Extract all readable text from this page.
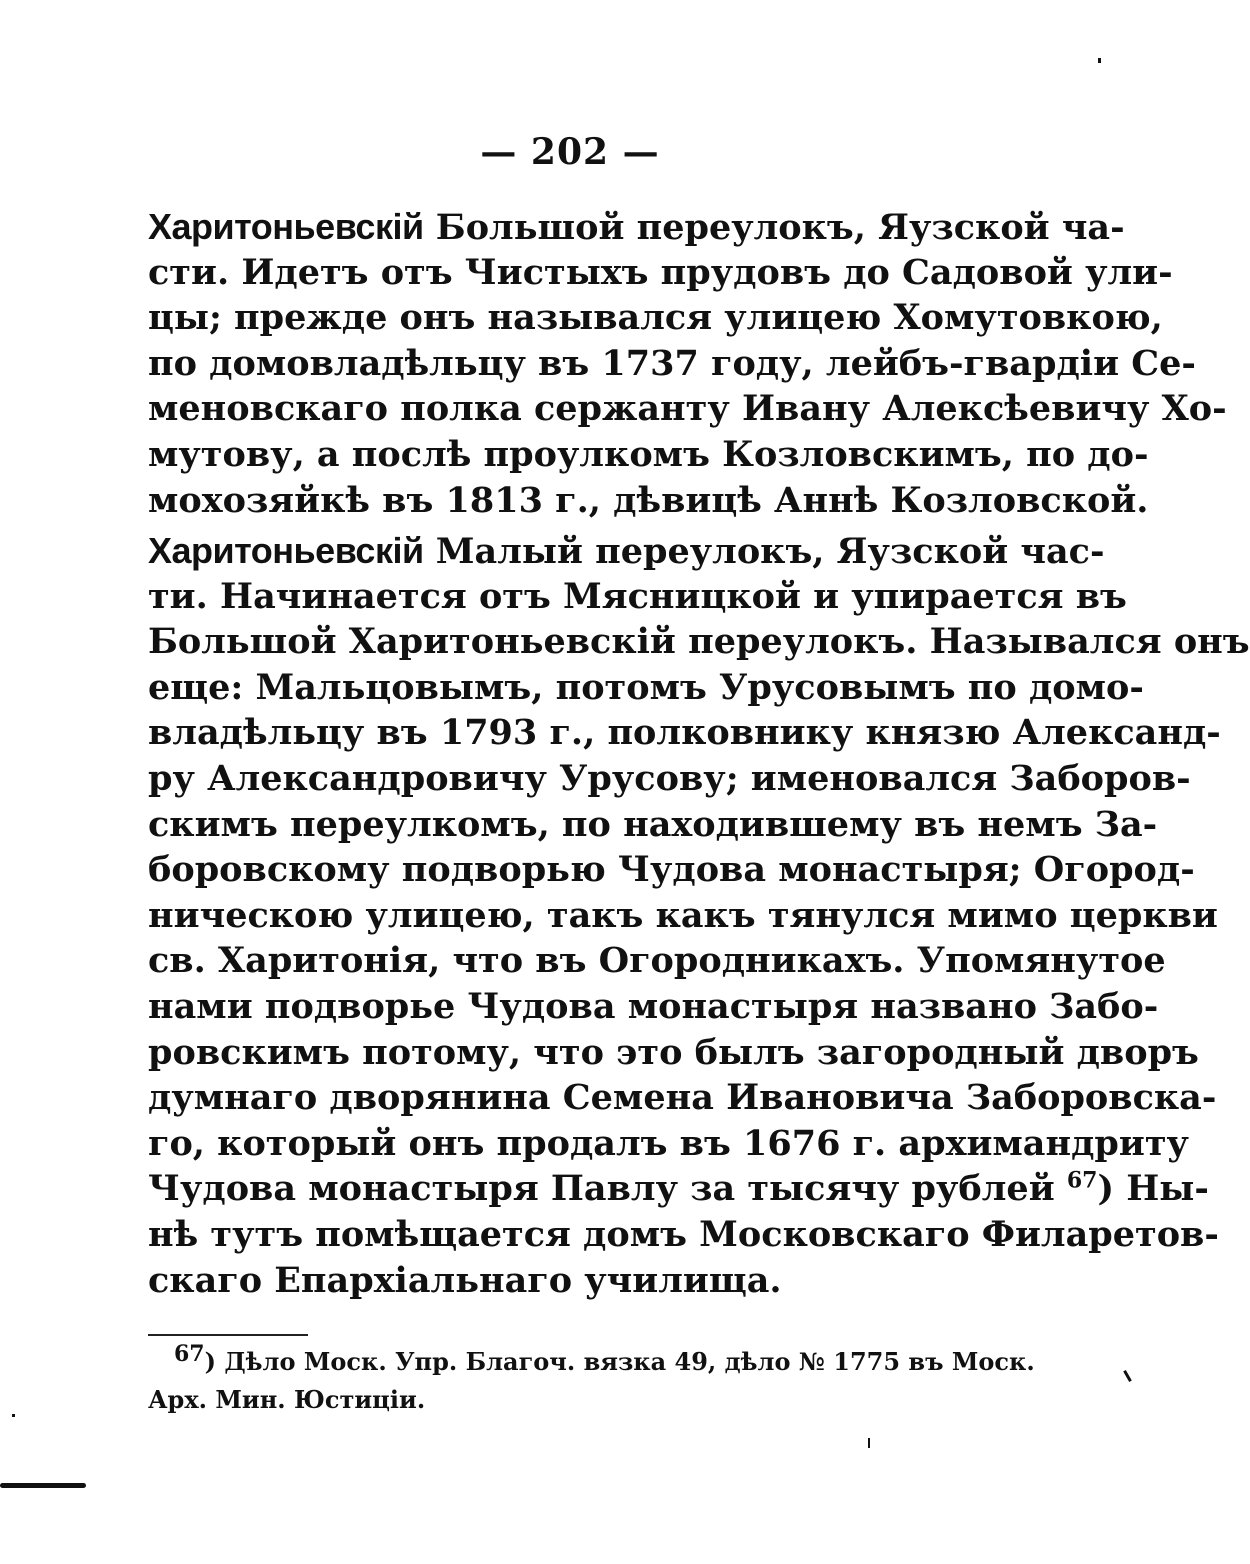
— 202 —
Харитоньевскій Большой переулокъ, Яузской ча-
сти. Идетъ отъ Чистыхъ прудовъ до Садовой ули-
цы; прежде онъ назывался улицею Хомутовкою,
по домовладѣльцу въ 1737 году, лейбъ-гвардіи Се-
меновскаго полка сержанту Ивану Алексѣевичу Хо-
мутову, а послѣ проулкомъ Козловскимъ, по до-
мохозяйкѣ въ 1813 г., дѣвицѣ Аннѣ Козловской.
Харитоньевскій Малый переулокъ, Яузской час-
ти. Начинается отъ Мясницкой и упирается въ
Большой Харитоньевскій переулокъ. Назывался онъ
еще: Мальцовымъ, потомъ Урусовымъ по домо-
владѣльцу въ 1793 г., полковнику князю Александ-
ру Александровичу Урусову; именовался Заборов-
скимъ переулкомъ, по находившему въ немъ За-
боровскому подворью Чудова монастыря; Огород-
ническою улицею, такъ какъ тянулся мимо церкви
св. Харитонія, что въ Огородникахъ. Упомянутое
нами подворье Чудова монастыря названо Забо-
ровскимъ потому, что это былъ загородный дворъ
думнаго дворянина Семена Ивановича Заборовска-
го, который онъ продалъ въ 1676 г. архимандриту
Чудова монастыря Павлу за тысячу рублей $^{67}$) Ны-
нѣ тутъ помѣщается домъ Московскаго Филаретов-
скаго Епархіальнаго училища.
67) Дѣло Моск. Упр. Благоч. вязка 49, дѣло № 1775 въ Моск.
Арх. Мин. Юстиціи.
